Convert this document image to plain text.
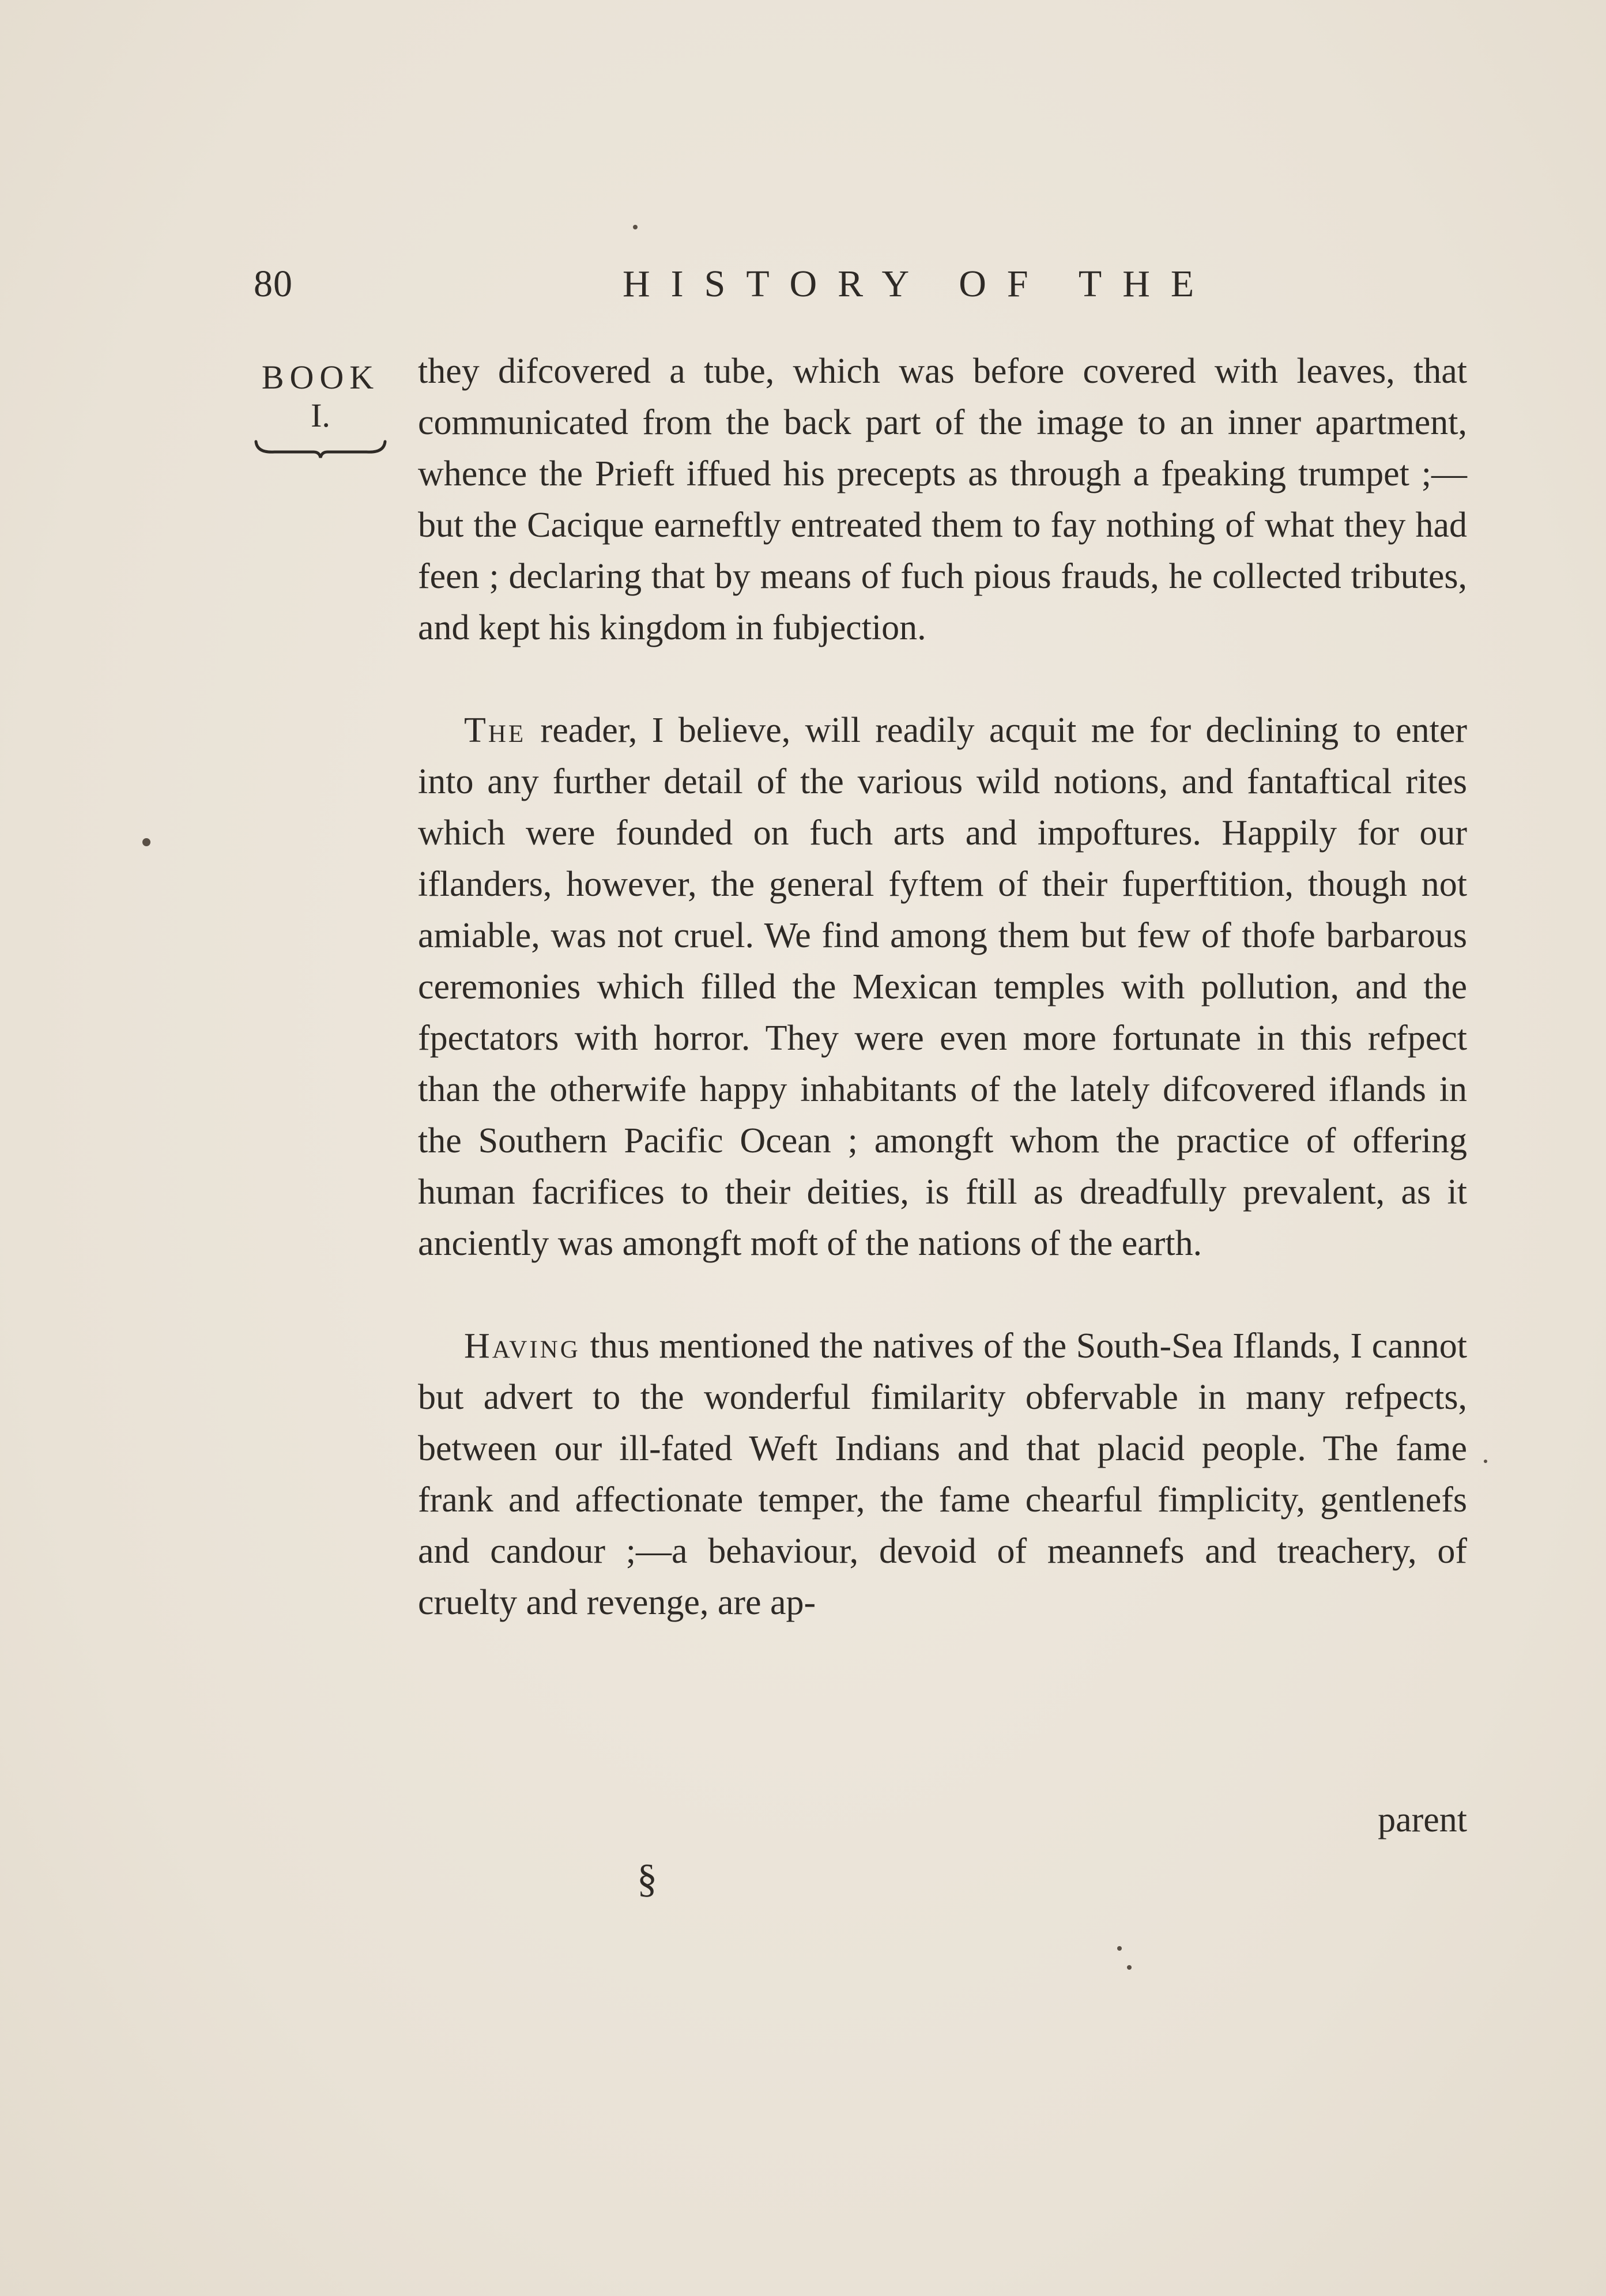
80	HISTORY OF THE
BOOK
I.

they difcovered a tube, which was before covered with leaves, that communicated from the back part of the image to an inner apartment, whence the Prieft iffued his precepts as through a fpeaking trumpet ;—but the Cacique earneftly entreated them to fay nothing of what they had feen ; declaring that by means of fuch pious frauds, he collected tributes, and kept his kingdom in fubjection.

The reader, I believe, will readily acquit me for declining to enter into any further detail of the various wild notions, and fantaftical rites which were founded on fuch arts and impoftures. Happily for our iflanders, however, the general fyftem of their fuperftition, though not amiable, was not cruel. We find among them but few of thofe barbarous ceremonies which filled the Mexican temples with pollution, and the fpectators with horror. They were even more fortunate in this refpect than the otherwife happy inhabitants of the lately difcovered iflands in the Southern Pacific Ocean ; amongft whom the practice of offering human facrifices to their deities, is ftill as dreadfully prevalent, as it anciently was amongft moft of the nations of the earth.

Having thus mentioned the natives of the South-Sea Iflands, I cannot but advert to the wonderful fimilarity obfervable in many refpects, between our ill-fated Weft Indians and that placid people. The fame frank and affectionate temper, the fame chearful fimplicity, gentlenefs and candour ;—a behaviour, devoid of meannefs and treachery, of cruelty and revenge, are ap-

parent
§
